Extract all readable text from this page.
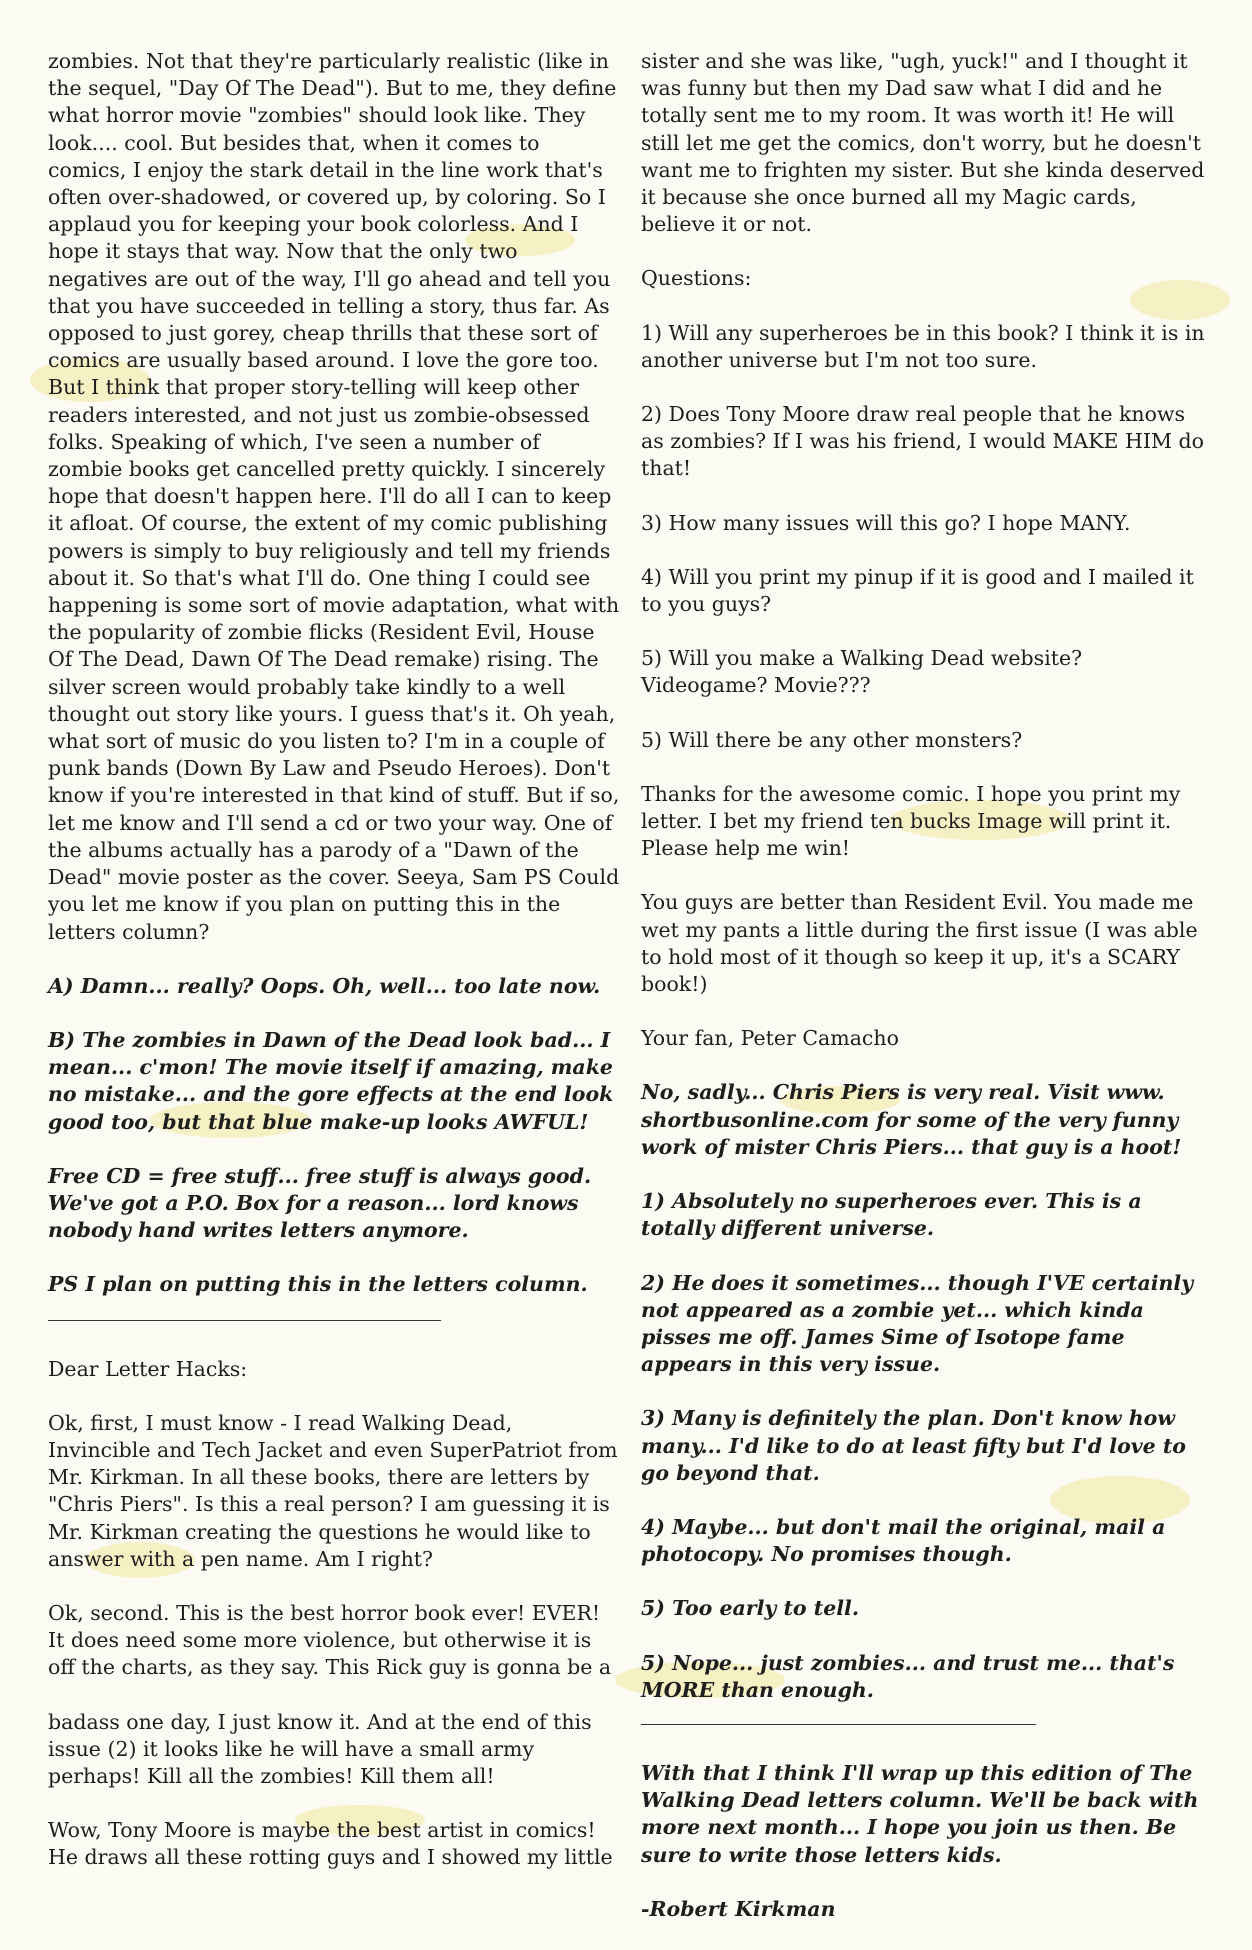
zombies. Not that they're particularly realistic (like in the sequel, "Day Of The Dead"). But to me, they define what horror movie "zombies" should look like. They look.... cool. But besides that, when it comes to comics, I enjoy the stark detail in the line work that's often over-shadowed, or covered up, by coloring. So I applaud you for keeping your book colorless. And I hope it stays that way. Now that the only two negatives are out of the way, I'll go ahead and tell you that you have succeeded in telling a story, thus far. As opposed to just gorey, cheap thrills that these sort of comics are usually based around. I love the gore too. But I think that proper story-telling will keep other readers interested, and not just us zombie-obsessed folks. Speaking of which, I've seen a number of zombie books get cancelled pretty quickly. I sincerely hope that doesn't happen here. I'll do all I can to keep it afloat. Of course, the extent of my comic publishing powers is simply to buy religiously and tell my friends about it. So that's what I'll do. One thing I could see happening is some sort of movie adaptation, what with the popularity of zombie flicks (Resident Evil, House Of The Dead, Dawn Of The Dead remake) rising. The silver screen would probably take kindly to a well thought out story like yours. I guess that's it. Oh yeah, what sort of music do you listen to? I'm in a couple of punk bands (Down By Law and Pseudo Heroes). Don't know if you're interested in that kind of stuff. But if so, let me know and I'll send a cd or two your way. One of the albums actually has a parody of a "Dawn of the Dead" movie poster as the cover. Seeya, Sam PS Could you let me know if you plan on putting this in the letters column?

A) Damn... really? Oops. Oh, well... too late now.

B) The zombies in Dawn of the Dead look bad... I mean... c'mon! The movie itself if amazing, make no mistake... and the gore effects at the end look good too, but that blue make-up looks AWFUL!

Free CD = free stuff... free stuff is always good. We've got a P.O. Box for a reason... lord knows nobody hand writes letters anymore.

PS I plan on putting this in the letters column.

Dear Letter Hacks:

Ok, first, I must know - I read Walking Dead, Invincible and Tech Jacket and even SuperPatriot from Mr. Kirkman. In all these books, there are letters by "Chris Piers". Is this a real person? I am guessing it is Mr. Kirkman creating the questions he would like to answer with a pen name. Am I right?

Ok, second. This is the best horror book ever! EVER! It does need some more violence, but otherwise it is off the charts, as they say. This Rick guy is gonna be a

badass one day, I just know it. And at the end of this issue (2) it looks like he will have a small army perhaps! Kill all the zombies! Kill them all!

Wow, Tony Moore is maybe the best artist in comics! He draws all these rotting guys and I showed my little

sister and she was like, "ugh, yuck!" and I thought it was funny but then my Dad saw what I did and he totally sent me to my room. It was worth it! He will still let me get the comics, don't worry, but he doesn't want me to frighten my sister. But she kinda deserved it because she once burned all my Magic cards, believe it or not.

Questions:

1) Will any superheroes be in this book? I think it is in another universe but I'm not too sure.

2) Does Tony Moore draw real people that he knows as zombies? If I was his friend, I would MAKE HIM do that!

3) How many issues will this go? I hope MANY.

4) Will you print my pinup if it is good and I mailed it to you guys?

5) Will you make a Walking Dead website? Videogame? Movie???

5) Will there be any other monsters?

Thanks for the awesome comic. I hope you print my letter. I bet my friend ten bucks Image will print it. Please help me win!

You guys are better than Resident Evil. You made me wet my pants a little during the first issue (I was able to hold most of it though so keep it up, it's a SCARY book!)

Your fan, Peter Camacho

No, sadly... Chris Piers is very real. Visit www. shortbusonline.com for some of the very funny work of mister Chris Piers... that guy is a hoot!

1) Absolutely no superheroes ever. This is a totally different universe.

2) He does it sometimes... though I'VE certainly not appeared as a zombie yet... which kinda pisses me off. James Sime of Isotope fame appears in this very issue.

3) Many is definitely the plan. Don't know how many... I'd like to do at least fifty but I'd love to go beyond that.

4) Maybe... but don't mail the original, mail a photocopy. No promises though.

5) Too early to tell.

5) Nope... just zombies... and trust me... that's MORE than enough.

With that I think I'll wrap up this edition of The Walking Dead letters column. We'll be back with more next month... I hope you join us then. Be sure to write those letters kids.

-Robert Kirkman
